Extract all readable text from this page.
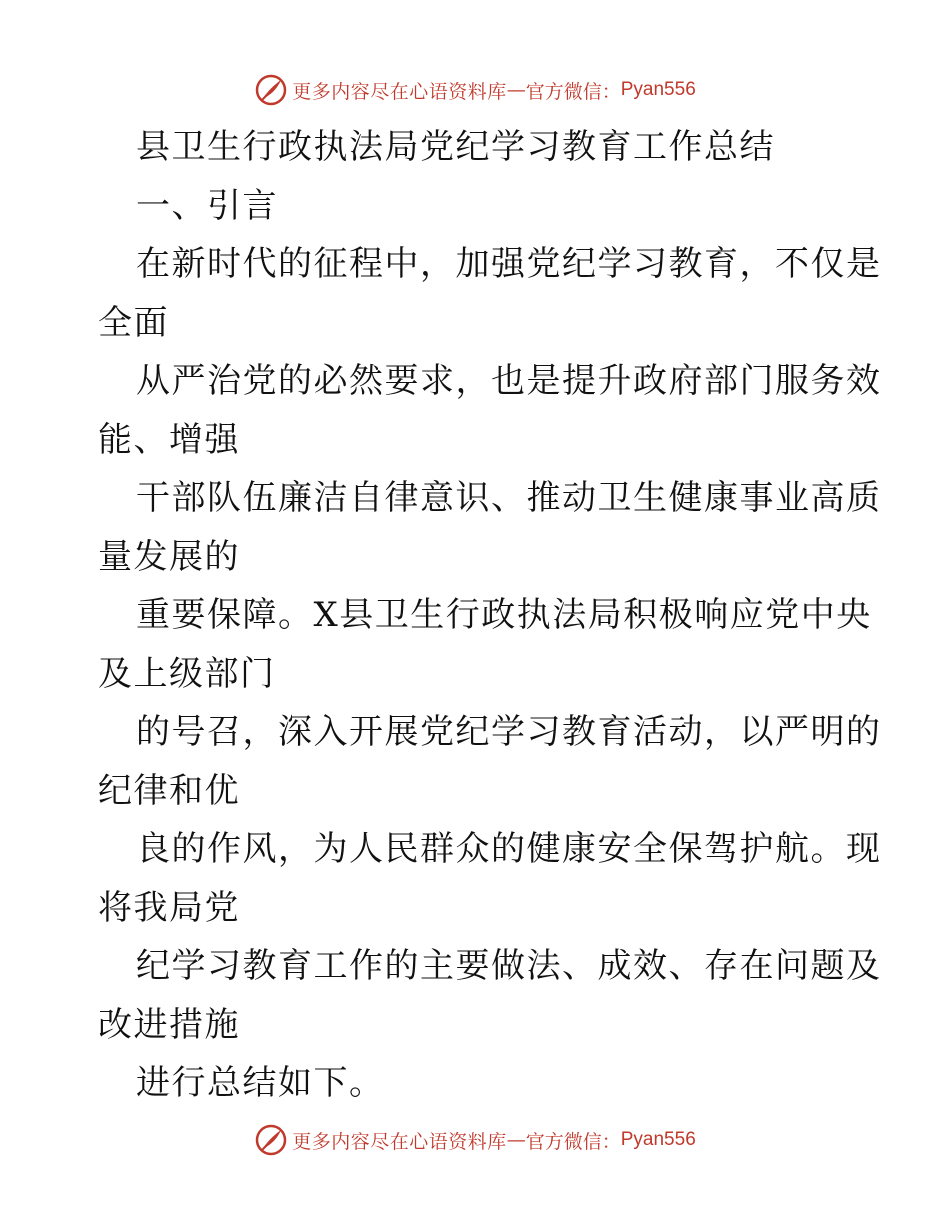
更多内容尽在心语资料库 — 官方微信： Pyan556
县卫生行政执法局党纪学习教育工作总结
一、引言
在新时代的征程中，加强党纪学习教育，不仅是
全面
从严治党的必然要求，也是提升政府部门服务效
能、增强
干部队伍廉洁自律意识、推动卫生健康事业高质
量发展的
重要保障。X县卫生行政执法局积极响应党中央
及上级部门
的号召，深入开展党纪学习教育活动，以严明的
纪律和优
良的作风，为人民群众的健康安全保驾护航。现
将我局党
纪学习教育工作的主要做法、成效、存在问题及
改进措施
进行总结如下。
更多内容尽在心语资料库 — 官方微信： Pyan556
